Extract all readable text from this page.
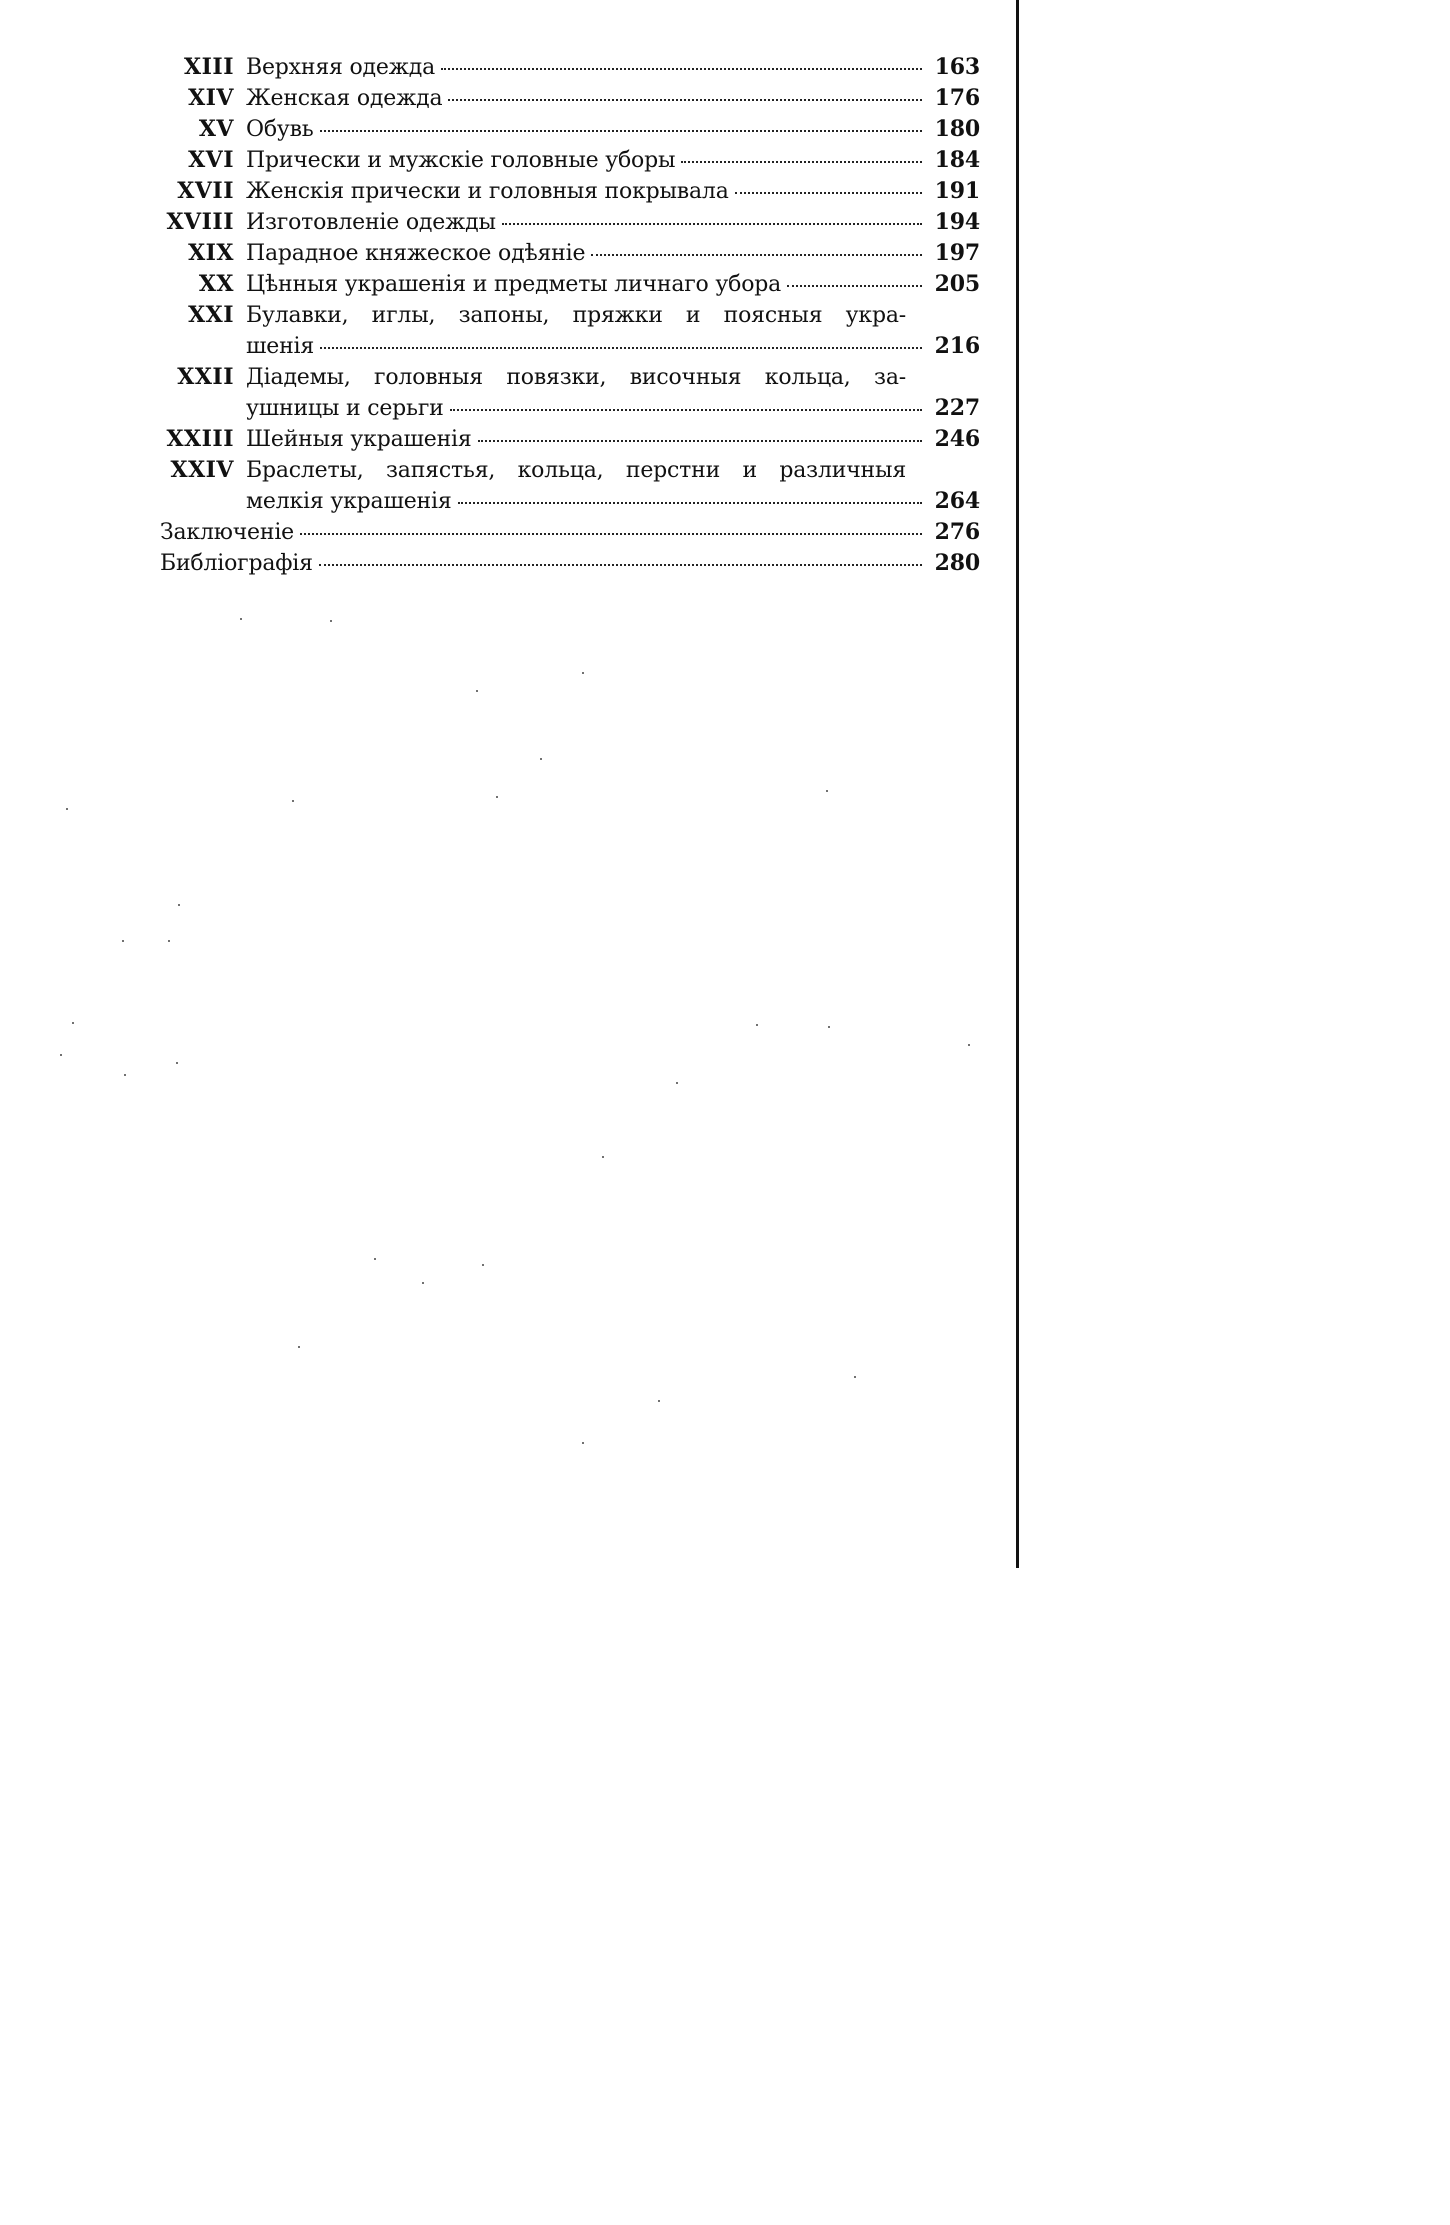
XIII Верхняя одежда	163
XIV Женская одежда	176
XV Обувь	180
XVI Прически и мужскіе головные уборы	184
XVII Женскія прически и головныя покрывала	191
XVIII Изготовленіе одежды	194
XIX Парадное княжеское одѣяніе	197
XX Цѣнныя украшенія и предметы личнаго убора	205
XXI Булавки, иглы, запоны, пряжки и поясныя укра-
шенія	216
XXII Діадемы, головныя повязки, височныя кольца, за-
ушницы и серьги	227
XXIII Шейныя украшенія	246
XXIV Браслеты, запястья, кольца, перстни и различныя
мелкія украшенія	264
Заключеніе	276
Библіографія	280
